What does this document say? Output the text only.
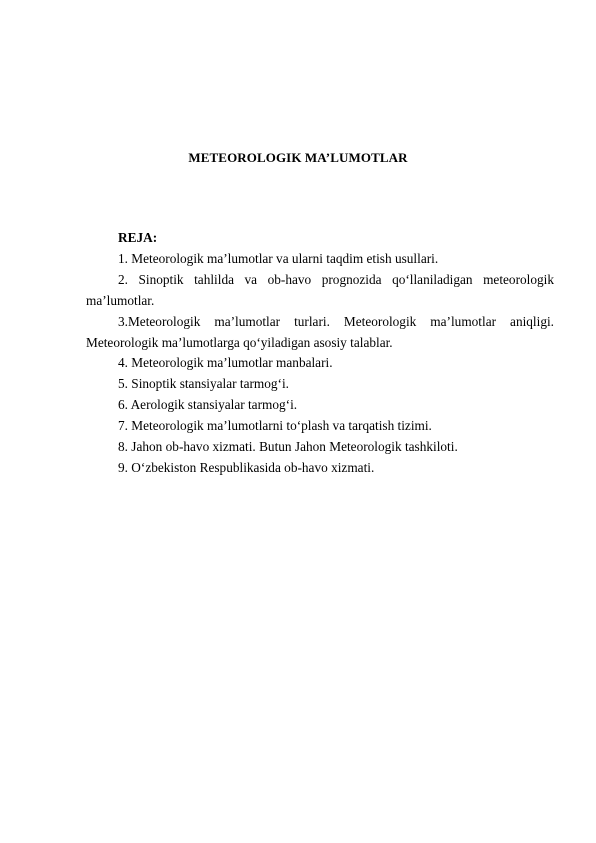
METEOROLOGIK MA’LUMOTLAR
REJA:
1. Meteorologik ma’lumotlar va ularni taqdim etish usullari.
2. Sinoptik tahlilda va ob-havo prognozida qo‘llaniladigan meteorologik ma’lumotlar.
3.Meteorologik ma’lumotlar turlari. Meteorologik ma’lumotlar aniqligi. Meteorologik ma’lumotlarga qo‘yiladigan asosiy talablar.
4. Meteorologik ma’lumotlar manbalari.
5. Sinoptik stansiyalar tarmog‘i.
6. Aerologik stansiyalar tarmog‘i.
7. Meteorologik ma’lumotlarni to‘plash va tarqatish tizimi.
8. Jahon ob-havo xizmati. Butun Jahon Meteorologik tashkiloti.
9. O‘zbekiston Respublikasida ob-havo xizmati.
